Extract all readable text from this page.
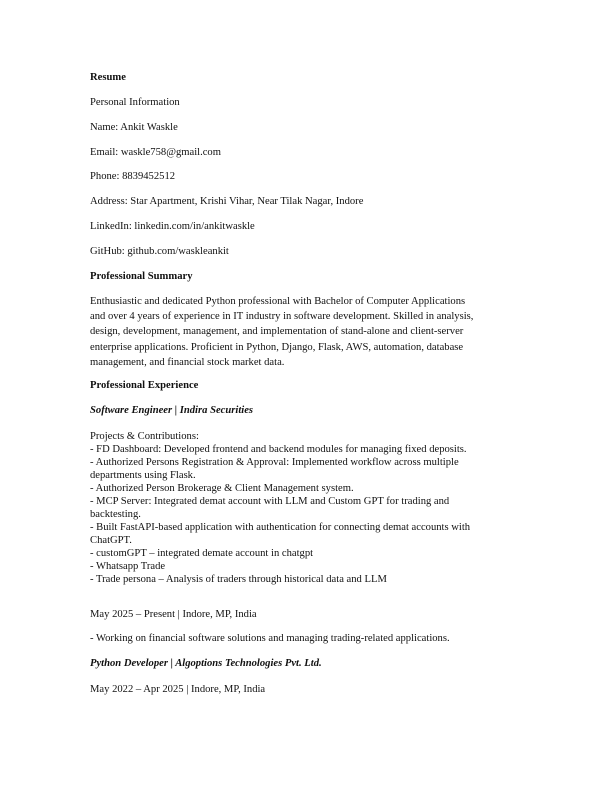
Resume
Personal Information
Name: Ankit Waskle
Email: waskle758@gmail.com
Phone: 8839452512
Address: Star Apartment, Krishi Vihar, Near Tilak Nagar, Indore
LinkedIn: linkedin.com/in/ankitwaskle
GitHub: github.com/waskleankit
Professional Summary
Enthusiastic and dedicated Python professional with Bachelor of Computer Applications
and over 4 years of experience in IT industry in software development. Skilled in analysis,
design, development, management, and implementation of stand-alone and client-server
enterprise applications. Proficient in Python, Django, Flask, AWS, automation, database
management, and financial stock market data.
Professional Experience
Software Engineer | Indira Securities
Projects & Contributions:
- FD Dashboard: Developed frontend and backend modules for managing fixed deposits.
- Authorized Persons Registration & Approval: Implemented workflow across multiple
departments using Flask.
- Authorized Person Brokerage & Client Management system.
- MCP Server: Integrated demat account with LLM and Custom GPT for trading and
backtesting.
- Built FastAPI-based application with authentication for connecting demat accounts with
ChatGPT.
- customGPT – integrated demate account in chatgpt
- Whatsapp Trade
- Trade persona – Analysis of traders through historical data and LLM
May 2025 – Present | Indore, MP, India
- Working on financial software solutions and managing trading-related applications.
Python Developer | Algoptions Technologies Pvt. Ltd.
May 2022 – Apr 2025 | Indore, MP, India
